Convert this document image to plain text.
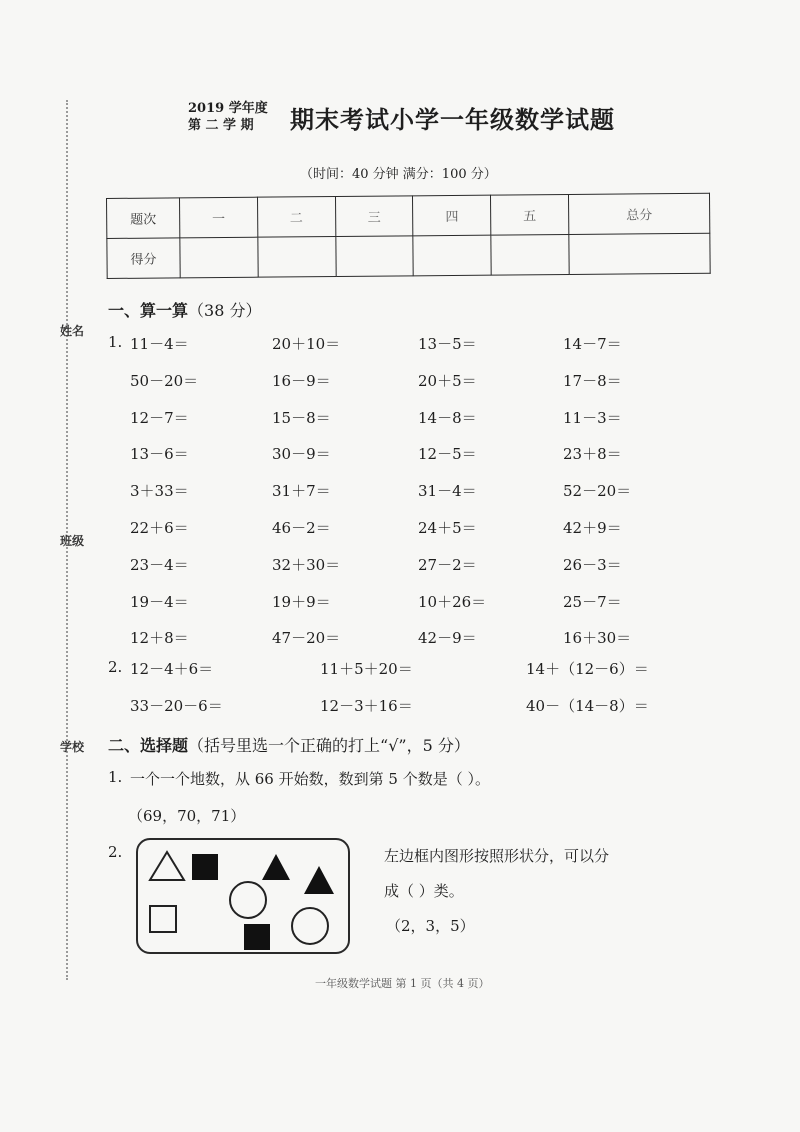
姓名
班级
学校
2019 学年度
第 二 学 期	期末考试小学一年级数学试题
（时间：40 分钟 满分：100 分）
题次	一	二	三	四	五	总分
得分						
一、算一算（38 分）
1. 11－4＝	20＋10＝	13－5＝	14－7＝
50－20＝	16－9＝	20＋5＝	17－8＝
12－7＝	15－8＝	14－8＝	11－3＝
13－6＝	30－9＝	12－5＝	23＋8＝
3＋33＝	31＋7＝	31－4＝	52－20＝
22＋6＝	46－2＝	24＋5＝	42＋9＝
23－4＝	32＋30＝	27－2＝	26－3＝
19－4＝	19＋9＝	10＋26＝	25－7＝
12＋8＝	47－20＝	42－9＝	16＋30＝
2. 12－4＋6＝	11＋5＋20＝	14＋（12－6）＝
33－20－6＝	12－3＋16＝	40－（14－8）＝
二、选择题（括号里选一个正确的打上“√”，5 分）
1. 一个一个地数，从 66 开始数，数到第 5 个数是（ ）。
（69，70，71）
2.	左边框内图形按照形状分，可以分
成（ ）类。
（2，3，5）
一年级数学试题 第 1 页（共 4 页）
